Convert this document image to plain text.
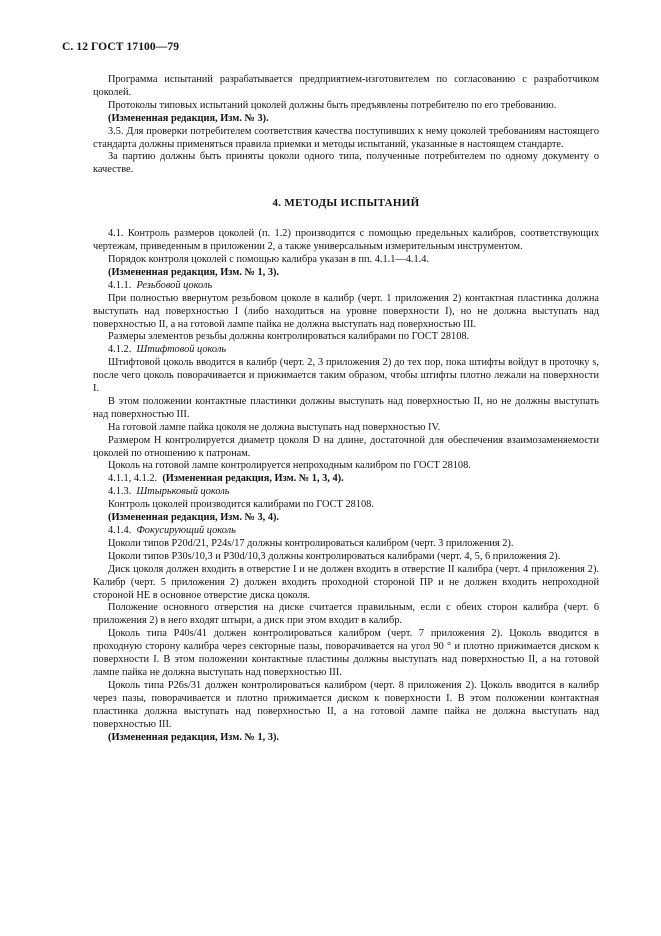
С. 12 ГОСТ 17100—79

Программа испытаний разрабатывается предприятием-изготовителем по согласованию с разработчиком цоколей.

Протоколы типовых испытаний цоколей должны быть предъявлены потребителю по его требованию.

(Измененная редакция, Изм. № 3).

3.5. Для проверки потребителем соответствия качества поступивших к нему цоколей требованиям настоящего стандарта должны применяться правила приемки и методы испытаний, указанные в настоящем стандарте.

За партию должны быть приняты цоколи одного типа, полученные потребителем по одному документу о качестве.

4. МЕТОДЫ ИСПЫТАНИЙ

4.1. Контроль размеров цоколей (п. 1.2) производится с помощью предельных калибров, соответствующих чертежам, приведенным в приложении 2, а также универсальным измерительным инструментом.

Порядок контроля цоколей с помощью калибра указан в пп. 4.1.1—4.1.4.

(Измененная редакция, Изм. № 1, 3).

4.1.1. Резьбовой цоколь

При полностью ввернутом резьбовом цоколе в калибр (черт. 1 приложения 2) контактная пластинка должна выступать над поверхностью I (либо находиться на уровне поверхности I), но не должна выступать над поверхностью II, а на готовой лампе пайка не должна выступать над поверхностью III.

Размеры элементов резьбы должны контролироваться калибрами по ГОСТ 28108.

4.1.2. Штифтовой цоколь

Штифтовой цоколь вводится в калибр (черт. 2, 3 приложения 2) до тех пор, пока штифты войдут в проточку s, после чего цоколь поворачивается и прижимается таким образом, чтобы штифты плотно лежали на поверхности I.

В этом положении контактные пластинки должны выступать над поверхностью II, но не должны выступать над поверхностью III.

На готовой лампе пайка цоколя не должна выступать над поверхностью IV.

Размером H контролируется диаметр цоколя D на длине, достаточной для обеспечения взаимозаменяемости цоколей по отношению к патронам.

Цоколь на готовой лампе контролируется непроходным калибром по ГОСТ 28108.

4.1.1, 4.1.2. (Измененная редакция, Изм. № 1, 3, 4).

4.1.3. Штырьковый цоколь

Контроль цоколей производится калибрами по ГОСТ 28108.

(Измененная редакция, Изм. № 3, 4).

4.1.4. Фокусирующий цоколь

Цоколи типов P20d/21, P24s/17 должны контролироваться калибром (черт. 3 приложения 2).

Цоколи типов P30s/10,3 и P30d/10,3 должны контролироваться калибрами (черт. 4, 5, 6 приложения 2).

Диск цоколя должен входить в отверстие I и не должен входить в отверстие II калибра (черт. 4 приложения 2). Калибр (черт. 5 приложения 2) должен входить проходной стороной ПР и не должен входить непроходной стороной НЕ в основное отверстие диска цоколя.

Положение основного отверстия на диске считается правильным, если с обеих сторон калибра (черт. 6 приложения 2) в него входят штыри, а диск при этом входит в калибр.

Цоколь типа P40s/41 должен контролироваться калибром (черт. 7 приложения 2). Цоколь вводится в проходную сторону калибра через секторные пазы, поворачивается на угол 90 ° и плотно прижимается диском к поверхности I. В этом положении контактные пластины должны выступать над поверхностью II, а на готовой лампе пайка не должна выступать над поверхностью III.

Цоколь типа P26s/31 должен контролироваться калибром (черт. 8 приложения 2). Цоколь вводится в калибр через пазы, поворачивается и плотно прижимается диском к поверхности I. В этом положении контактная пластинка должна выступать над поверхностью II, а на готовой лампе пайка не должна выступать над поверхностью III.

(Измененная редакция, Изм. № 1, 3).
